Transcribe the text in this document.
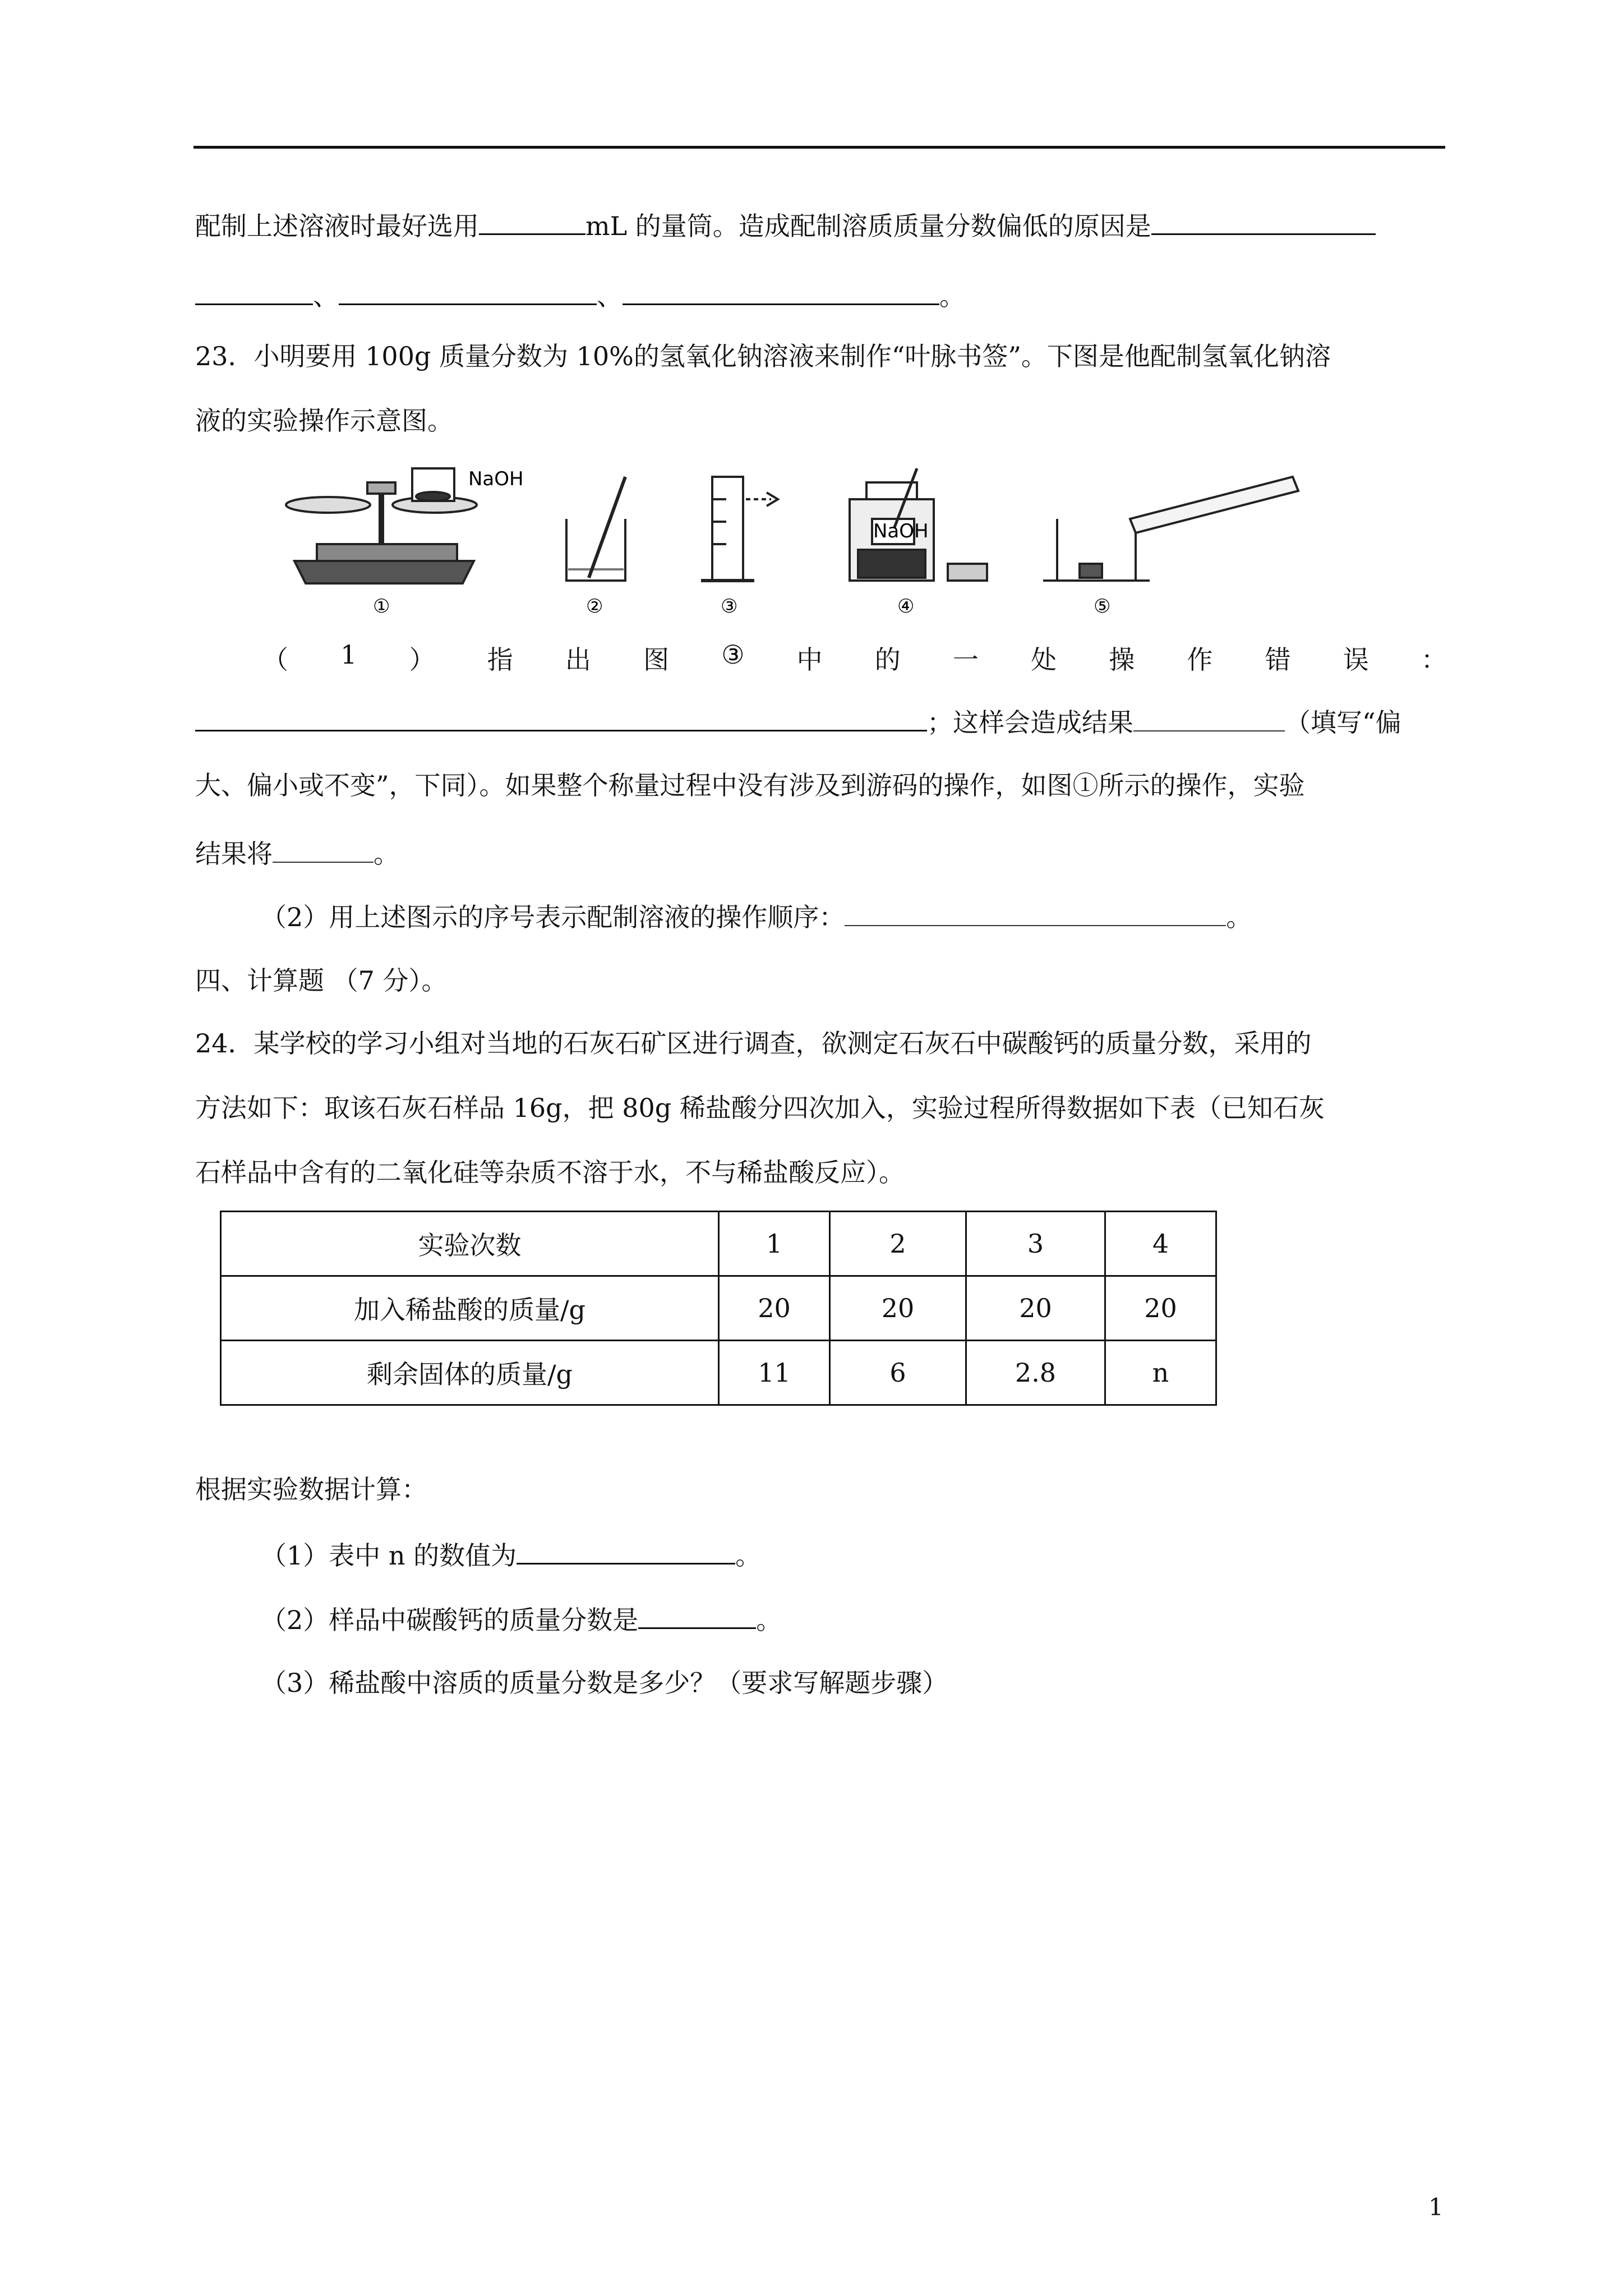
配制上述溶液时最好选用	mL 的量筒。造成配制溶质质量分数偏低的原因是
、	、	。
23．小明要用 100g 质量分数为 10%的氢氧化钠溶液来制作“叶脉书签”。下图是他配制氢氧化钠溶
液的实验操作示意图。
NaOH
NaOH
①	②	③	④	⑤
（ 1 ） 指 出 图 ③ 中 的 一 处 操 作 错 误 ：
；这样会造成结果	（填写“偏
大、偏小或不变”，下同）。如果整个称量过程中没有涉及到游码的操作，如图①所示的操作，实验
结果将	。
（2）用上述图示的序号表示配制溶液的操作顺序：	。
四、计算题 （7 分）。
24．某学校的学习小组对当地的石灰石矿区进行调查，欲测定石灰石中碳酸钙的质量分数，采用的
方法如下：取该石灰石样品 16g，把 80g 稀盐酸分四次加入，实验过程所得数据如下表（已知石灰
石样品中含有的二氧化硅等杂质不溶于水，不与稀盐酸反应）。
实验次数	1	2	3	4
加入稀盐酸的质量/g	20	20	20	20
剩余固体的质量/g	11	6	2.8	n
根据实验数据计算：
（1）表中 n 的数值为	。
（2）样品中碳酸钙的质量分数是	。
（3）稀盐酸中溶质的质量分数是多少？（要求写解题步骤）
1
